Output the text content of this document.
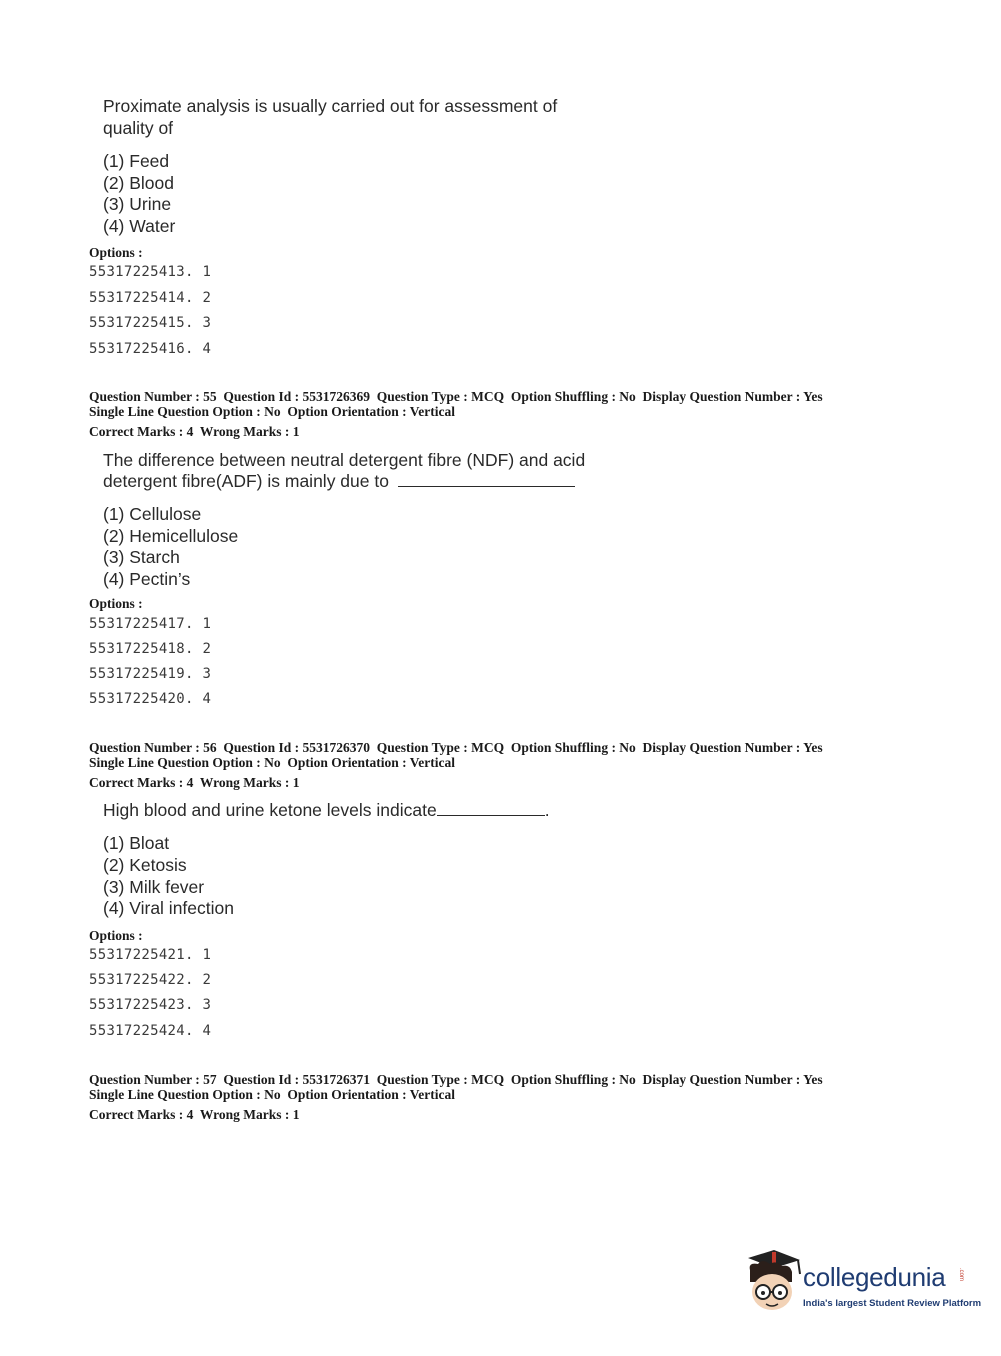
Proximate analysis is usually carried out for assessment of
quality of
(1) Feed
(2) Blood
(3) Urine
(4) Water
Options :
55317225413. 1
55317225414. 2
55317225415. 3
55317225416. 4
Question Number : 55  Question Id : 5531726369  Question Type : MCQ  Option Shuffling : No  Display Question Number : Yes
Single Line Question Option : No  Option Orientation : Vertical
Correct Marks : 4  Wrong Marks : 1
The difference between neutral detergent fibre (NDF) and acid
detergent fibre(ADF) is mainly due to
(1) Cellulose
(2) Hemicellulose
(3) Starch
(4) Pectin’s
Options :
55317225417. 1
55317225418. 2
55317225419. 3
55317225420. 4
Question Number : 56  Question Id : 5531726370  Question Type : MCQ  Option Shuffling : No  Display Question Number : Yes
Single Line Question Option : No  Option Orientation : Vertical
Correct Marks : 4  Wrong Marks : 1
High blood and urine ketone levels indicate	.
(1) Bloat
(2) Ketosis
(3) Milk fever
(4) Viral infection
Options :
55317225421. 1
55317225422. 2
55317225423. 3
55317225424. 4
Question Number : 57  Question Id : 5531726371  Question Type : MCQ  Option Shuffling : No  Display Question Number : Yes
Single Line Question Option : No  Option Orientation : Vertical
Correct Marks : 4  Wrong Marks : 1
collegedunia .com
India's largest Student Review Platform
